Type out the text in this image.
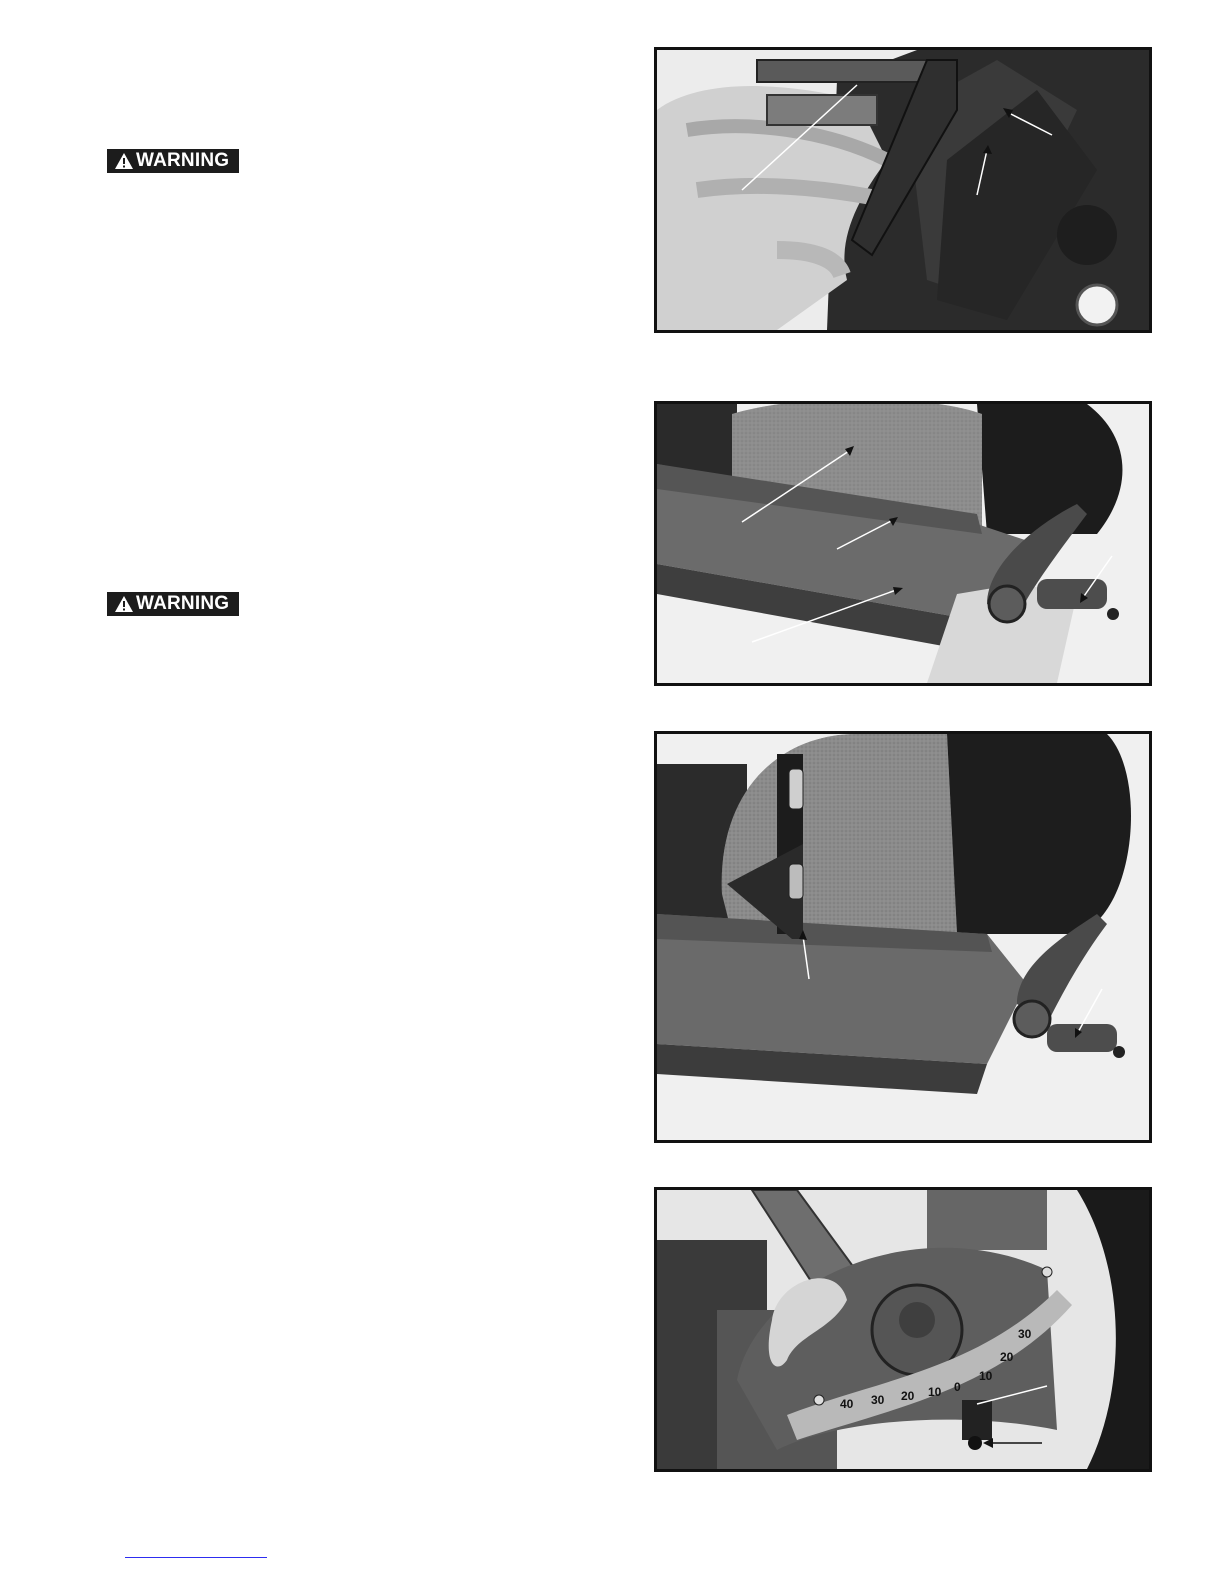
WARNING
WARNING
40 30 20 10 0
10
20
30
